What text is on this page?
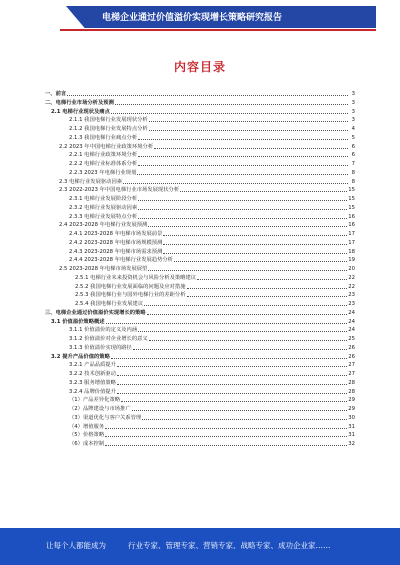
电梯企业通过价值溢价实现增长策略研究报告
内容目录
一、前言	3
二、电梯行业市场分析及预测	3
2.1 电梯行业现状及痛点	3
2.1.1 我国电梯行业发展现状分析	3
2.1.2 我国电梯行业发展特点分析	4
2.1.3 我国电梯行业痛点分析	5
2.2 2023 年中国电梯行业政策环境分析	6
2.2.1 电梯行业政策环境分析	6
2.2.2 电梯行业标准体系分析	7
2.2.3 2023 年电梯行业规划	8
2.3 电梯行业发展驱动因素	8
2.3 2022-2023 年中国电梯行业市场发展现状分析	15
2.3.1 电梯行业发展阶段分析	15
2.3.2 电梯行业发展驱动因素	15
2.3.3 电梯行业发展特点分析	16
2.4 2023-2028 年电梯行业发展预测	16
2.4.1 2023-2028 年电梯市场发展前景	17
2.4.2 2023-2028 年电梯市场规模预测	17
2.4.3 2023-2028 年电梯市场需求预测	18
2.4.4 2023-2028 年电梯行业发展趋势分析	19
2.5 2023-2028 年电梯市场发展展望	20
2.5.1 电梯行业未来投资机会与风险分析及策略建议	22
2.5.2 我国电梯行业发展面临的问题及应对措施	22
2.5.3 我国电梯行业与国外电梯行业的差距分析	23
2.5.4 我国电梯行业发展建议	23
三、电梯企业通过价值溢价实现增长的策略	24
3.1 价值溢价策略概述	24
3.1.1 价值溢价的定义及内涵	24
3.1.2 价值溢价对企业增长的意义	25
3.1.3 价值溢价实现的路径	26
3.2 提升产品价值的策略	26
3.2.1 产品品质提升	27
3.2.2 技术创新驱动	27
3.2.3 服务增值策略	28
3.2.4 品牌价值提升	28
（1）产品差异化策略	29
（2）品牌建设与市场推广	29
（3）渠道优化与客户关系管理	30
（4）增值服务	31
（5）价格策略	31
（6）成本控制	32
让每个人都能成为	行业专家、管理专家、营销专家、战略专家、成功企业家……
